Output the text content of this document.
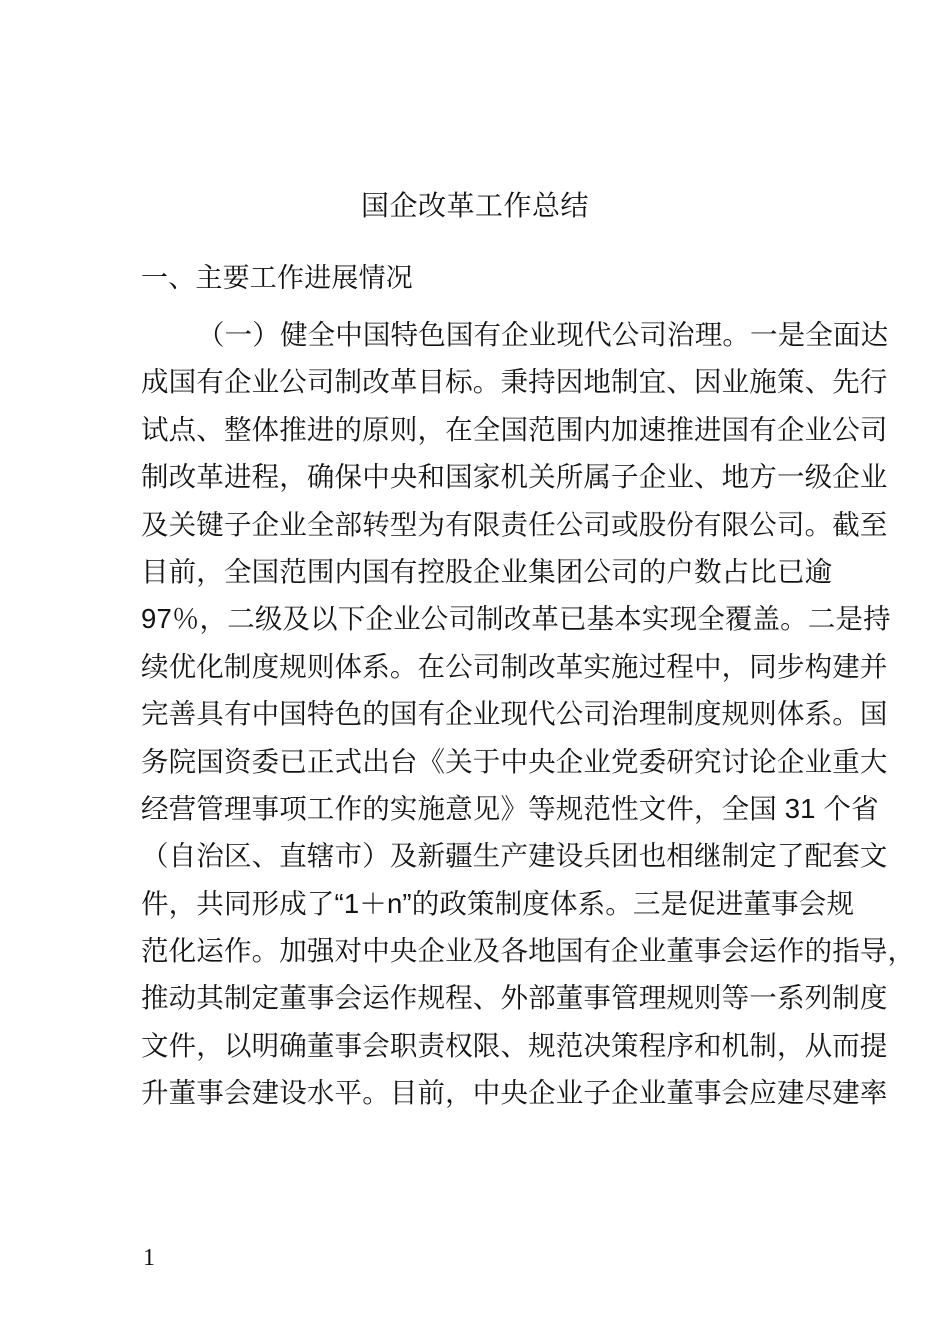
国企改革工作总结
一、主要工作进展情况
（一）健全中国特色国有企业现代公司治理。一是全面达
成国有企业公司制改革目标。秉持因地制宜、因业施策、先行
试点、整体推进的原则，在全国范围内加速推进国有企业公司
制改革进程，确保中央和国家机关所属子企业、地方一级企业
及关键子企业全部转型为有限责任公司或股份有限公司。截至
目前，全国范围内国有控股企业集团公司的户数占比已逾
97％，二级及以下企业公司制改革已基本实现全覆盖。二是持
续优化制度规则体系。在公司制改革实施过程中，同步构建并
完善具有中国特色的国有企业现代公司治理制度规则体系。国
务院国资委已正式出台《关于中央企业党委研究讨论企业重大
经营管理事项工作的实施意见》等规范性文件，全国 31 个省
（自治区、直辖市）及新疆生产建设兵团也相继制定了配套文
件，共同形成了“1＋n”的政策制度体系。三是促进董事会规
范化运作。加强对中央企业及各地国有企业董事会运作的指导，
推动其制定董事会运作规程、外部董事管理规则等一系列制度
文件，以明确董事会职责权限、规范决策程序和机制，从而提
升董事会建设水平。目前，中央企业子企业董事会应建尽建率
1
